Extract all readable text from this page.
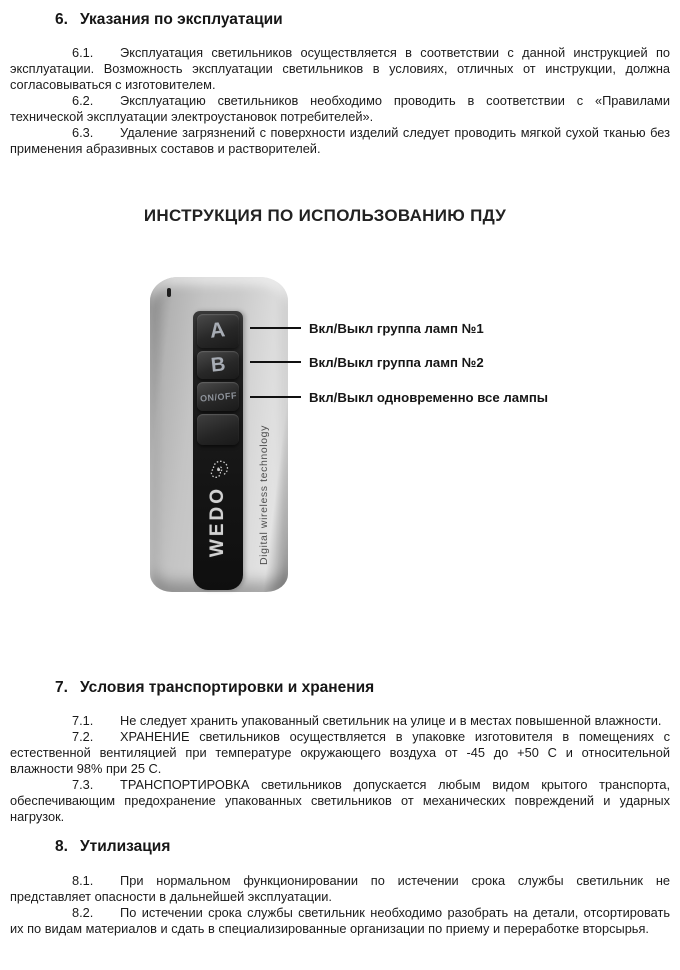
6. Указания по эксплуатации

6.1. Эксплуатация светильников осуществляется в соответствии с данной инструкцией по эксплуатации. Возможность эксплуатации светильников в условиях, отличных от инструкции, должна согласовываться с изготовителем.

6.2. Эксплуатацию светильников необходимо проводить в соответствии с «Правилами технической эксплуатации электроустановок потребителей».

6.3. Удаление загрязнений с поверхности изделий следует проводить мягкой сухой тканью без применения абразивных составов и растворителей.

ИНСТРУКЦИЯ ПО ИСПОЛЬЗОВАНИЮ ПДУ
A
B
ON/OFF
WEDO	Digital wireless technology
Вкл/Выкл группа ламп №1
Вкл/Выкл группа ламп №2
Вкл/Выкл одновременно все лампы
7. Условия транспортировки и хранения

7.1. Не следует хранить упакованный светильник на улице и в местах повышенной влажности.

7.2. ХРАНЕНИЕ светильников осуществляется в упаковке изготовителя в помещениях с естественной вентиляцией при температуре окружающего воздуха от -45 до +50 С и относительной влажности 98% при 25 С.

7.3. ТРАНСПОРТИРОВКА светильников допускается любым видом крытого транспорта, обеспечивающим предохранение упакованных светильников от механических повреждений и ударных нагрузок.

8. Утилизация

8.1. При нормальном функционировании по истечении срока службы светильник не представляет опасности в дальнейшей эксплуатации.

8.2. По истечении срока службы светильник необходимо разобрать на детали, отсортировать их по видам материалов и сдать в специализированные организации по приему и переработке вторсырья.
